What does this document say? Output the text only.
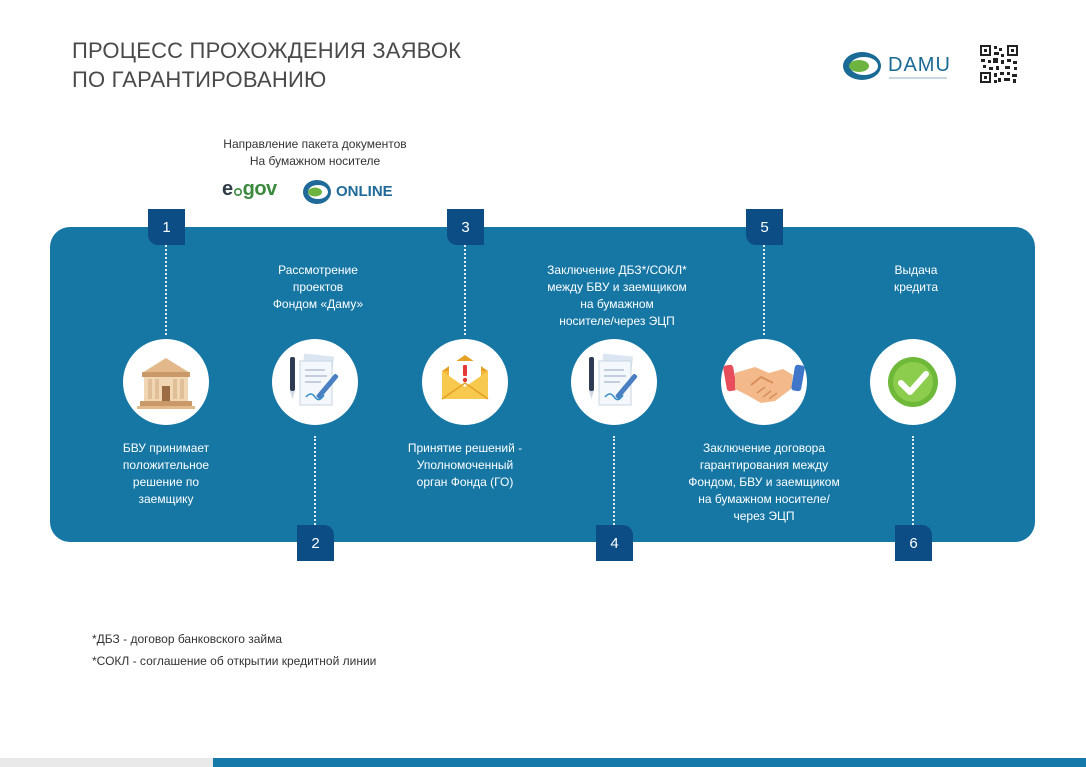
ПРОЦЕСС ПРОХОЖДЕНИЯ ЗАЯВОК
ПО ГАРАНТИРОВАНИЮ
DAMU
Направление пакета документов
На бумажном носителе
e gov	ONLINE
1
2
3
4
5
6
БВУ принимает
положительное
решение по
заемщику
Рассмотрение
проектов
Фондом «Даму»
Принятие решений -
Уполномоченный
орган Фонда (ГО)
Заключение ДБЗ*/СОКЛ*
между БВУ и заемщиком
на бумажном
носителе/через ЭЦП
Заключение договора
гарантирования между
Фондом, БВУ и заемщиком
на бумажном носителе/
через ЭЦП
Выдача
кредита
*ДБЗ - договор банковского займа
*СОКЛ - соглашение об открытии кредитной линии
